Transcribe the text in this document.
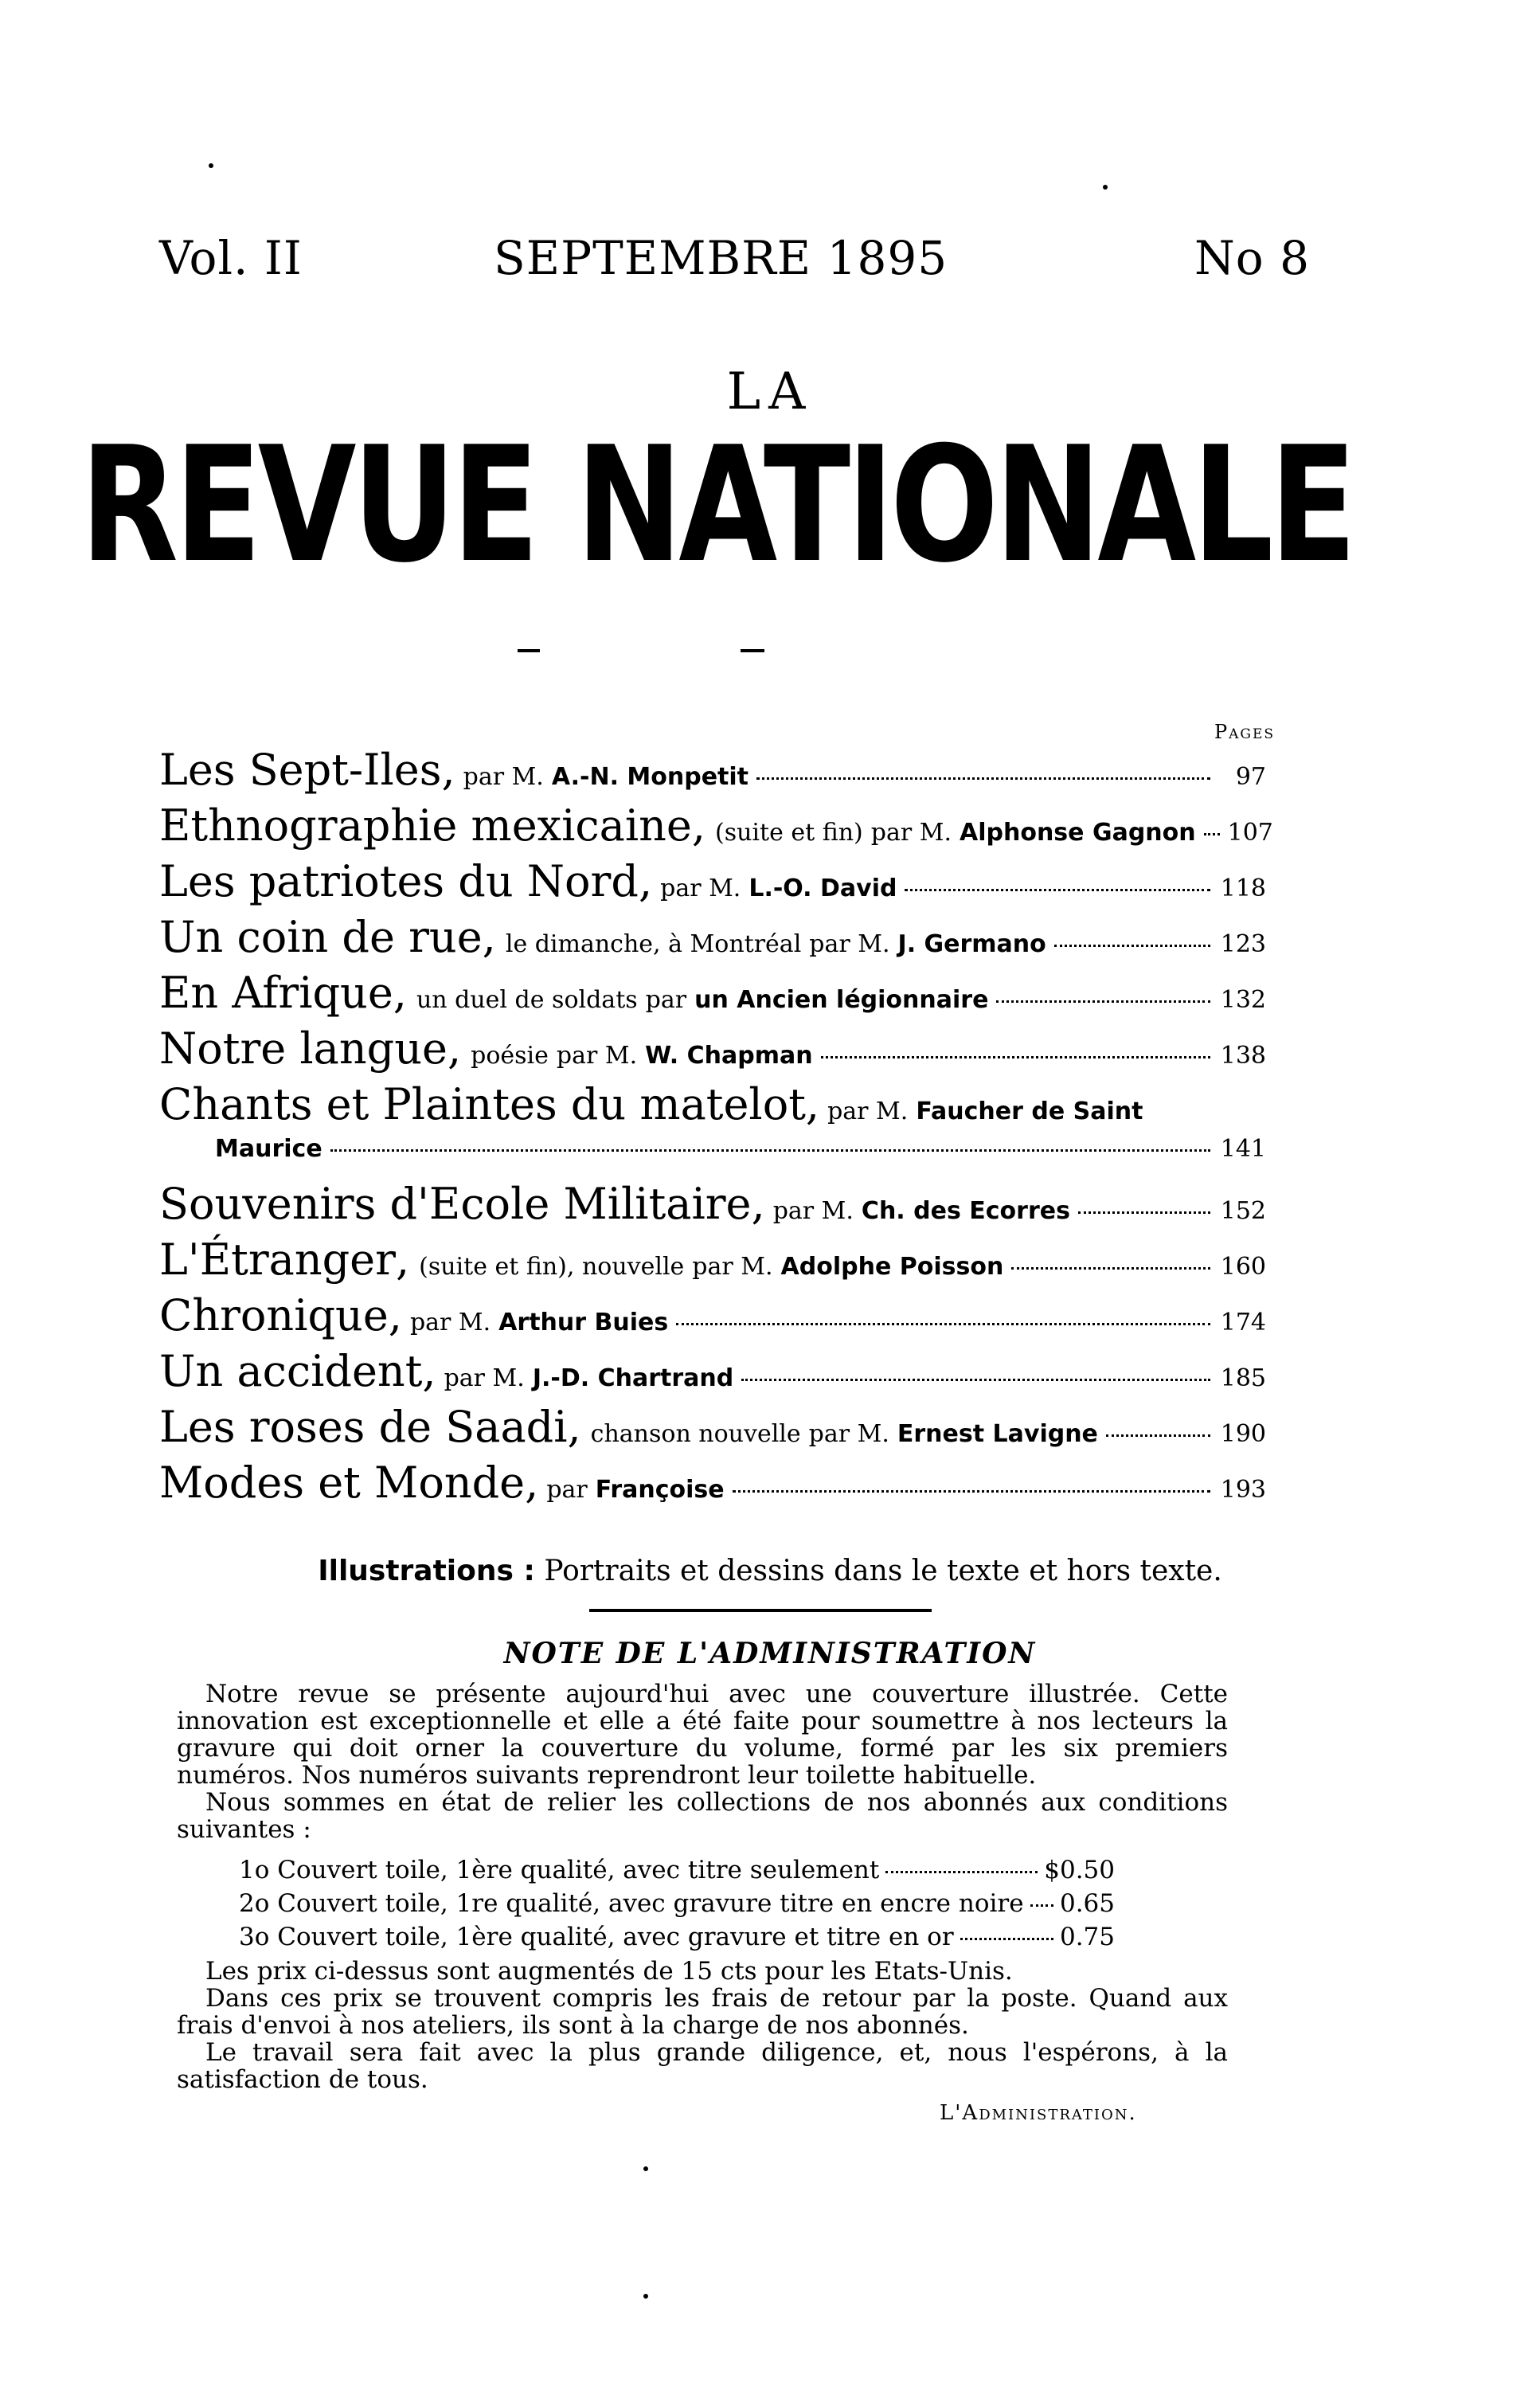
Vol. II	SEPTEMBRE 1895	No 8
LA
REVUE NATIONALE
Pages
Les Sept-Iles , par M. A.-N. Monpetit	97
Ethnographie mexicaine , (suite et fin) par M. Alphonse Gagnon 107
Les patriotes du Nord , par M. L.-O. David	118
Un coin de rue , le dimanche, à Montréal par M. J. Germano	123
En Afrique , un duel de soldats par un Ancien légionnaire	132
Notre langue , poésie par M. W. Chapman	138
Chants et Plaintes du matelot , par M. Faucher de Saint
Maurice	141
Souvenirs d'Ecole Militaire , par M. Ch. des Ecorres	152
L'Étranger , (suite et fin), nouvelle par M. Adolphe Poisson	160
Chronique , par M. Arthur Buies	174
Un accident , par M. J.-D. Chartrand	185
Les roses de Saadi , chanson nouvelle par M. Ernest Lavigne	190
Modes et Monde , par Françoise	193
Illustrations : Portraits et dessins dans le texte et hors texte.
NOTE DE L'ADMINISTRATION
Notre revue se présente aujourd'hui avec une couverture illustrée. Cette innovation est exceptionnelle et elle a été faite pour soumettre à nos lecteurs la gravure qui doit orner la couverture du volume, formé par les six premiers numéros. Nos numéros suivants reprendront leur toilette habituelle.
Nous sommes en état de relier les collections de nos abonnés aux conditions suivantes :
1o Couvert toile, 1ère qualité, avec titre seulement	$0.50
2o Couvert toile, 1re qualité, avec gravure titre en encre noire 0.65
3o Couvert toile, 1ère qualité, avec gravure et titre en or	0.75
Les prix ci-dessus sont augmentés de 15 cts pour les Etats-Unis.
Dans ces prix se trouvent compris les frais de retour par la poste. Quand aux frais d'envoi à nos ateliers, ils sont à la charge de nos abonnés.
Le travail sera fait avec la plus grande diligence, et, nous l'espérons, à la satisfaction de tous.
L'Administration.
